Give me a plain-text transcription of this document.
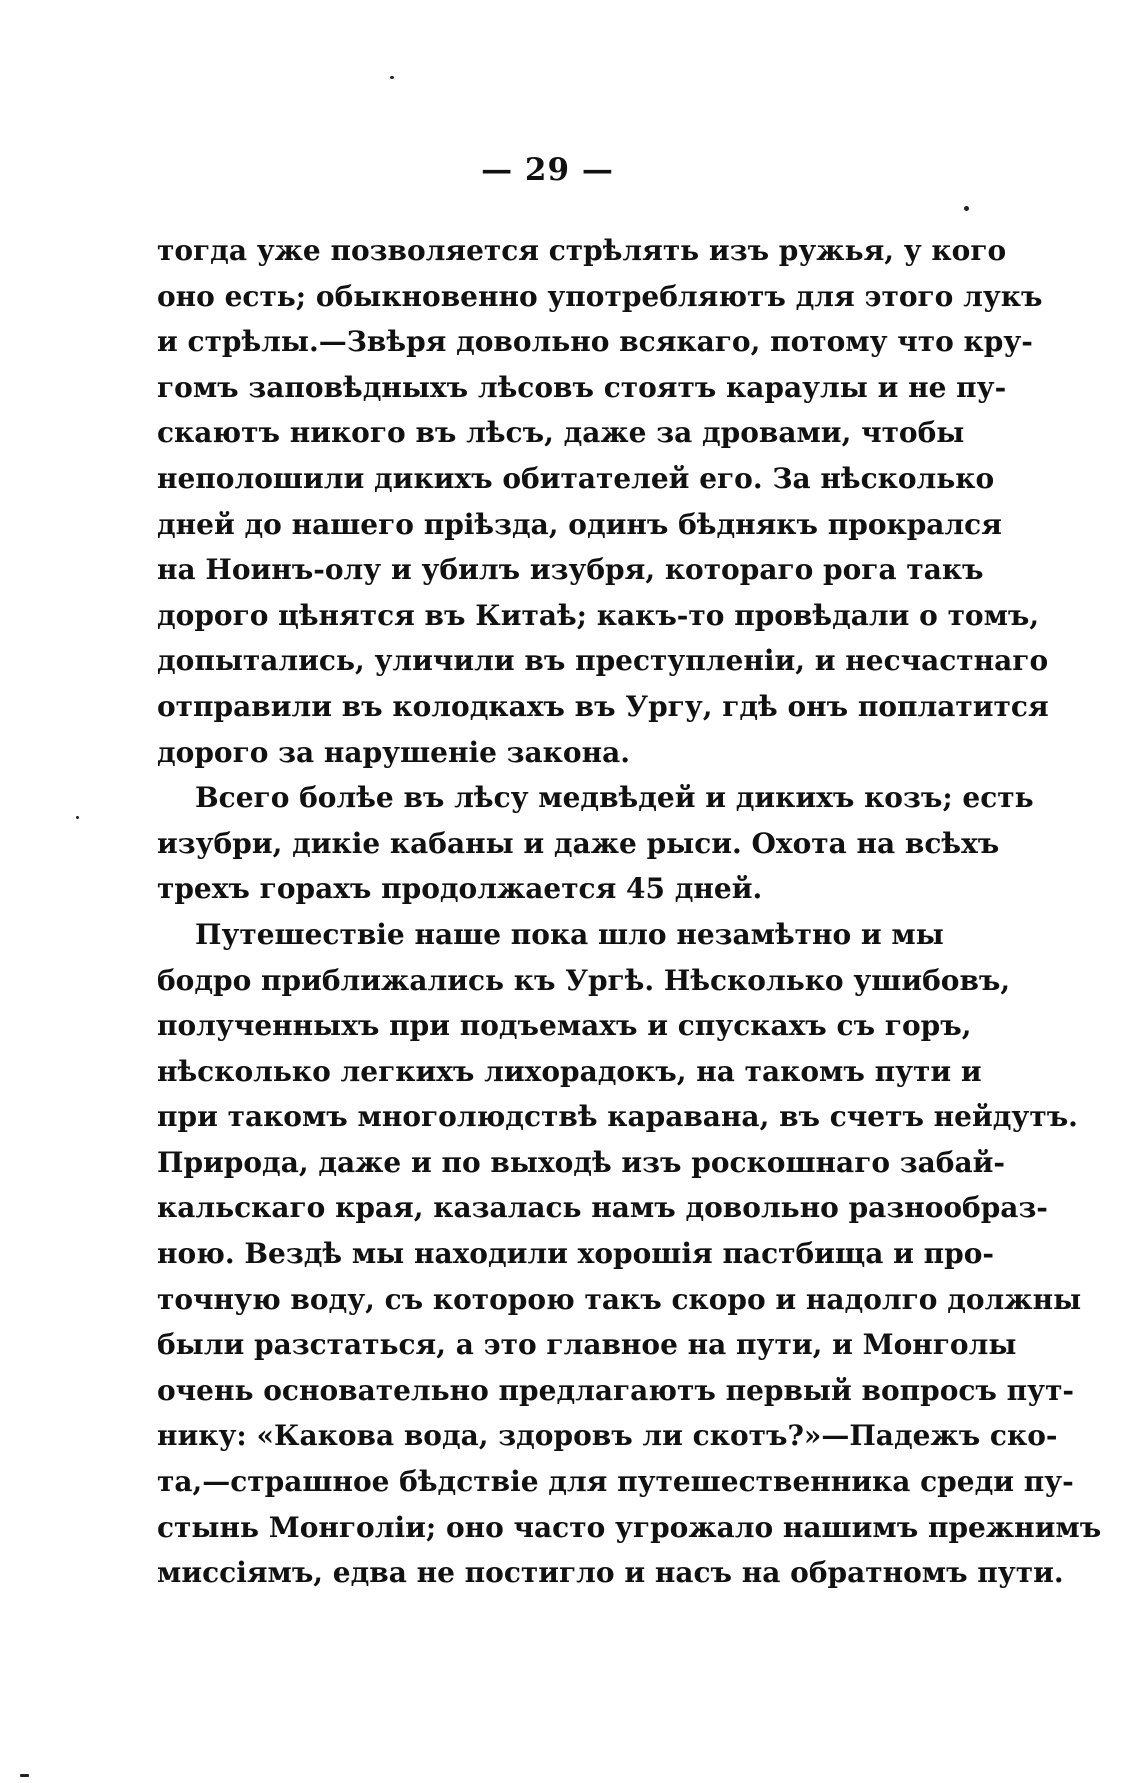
— 29 —
тогда уже позволяется стрѣлять изъ ружья, у кого
оно есть; обыкновенно употребляютъ для этого лукъ
и стрѣлы.—Звѣря довольно всякаго, потому что кру-
гомъ заповѣдныхъ лѣсовъ стоятъ караулы и не пу-
скаютъ никого въ лѣсъ, даже за дровами, чтобы
неполошили дикихъ обитателей его. За нѣсколько
дней до нашего прiѣзда, одинъ бѣднякъ прокрался
на Ноинъ-олу и убилъ изубря, котораго рога такъ
дорого цѣнятся въ Китаѣ; какъ-то провѣдали о томъ,
допытались, уличили въ преступленiи, и несчастнаго
отправили въ колодкахъ въ Ургу, гдѣ онъ поплатится
дорого за нарушенiе закона.
Всего болѣе въ лѣсу медвѣдей и дикихъ козъ; есть
изубри, дикiе кабаны и даже рыси. Охота на всѣхъ
трехъ горахъ продолжается 45 дней.
Путешествiе наше пока шло незамѣтно и мы
бодро приближались къ Ургѣ. Нѣсколько ушибовъ,
полученныхъ при подъемахъ и спускахъ съ горъ,
нѣсколько легкихъ лихорадокъ, на такомъ пути и
при такомъ многолюдствѣ каравана, въ счетъ нейдутъ.
Природа, даже и по выходѣ изъ роскошнаго забай-
кальскаго края, казалась намъ довольно разнообраз-
ною. Вездѣ мы находили хорошiя пастбища и про-
точную воду, съ которою такъ скоро и надолго должны
были разстаться, а это главное на пути, и Монголы
очень основательно предлагаютъ первый вопросъ пут-
нику: «Какова вода, здоровъ ли скотъ?»—Падежъ ско-
та,—страшное бѣдствiе для путешественника среди пу-
стынь Монголiи; оно часто угрожало нашимъ прежнимъ
миссiямъ, едва не постигло и насъ на обратномъ пути.
